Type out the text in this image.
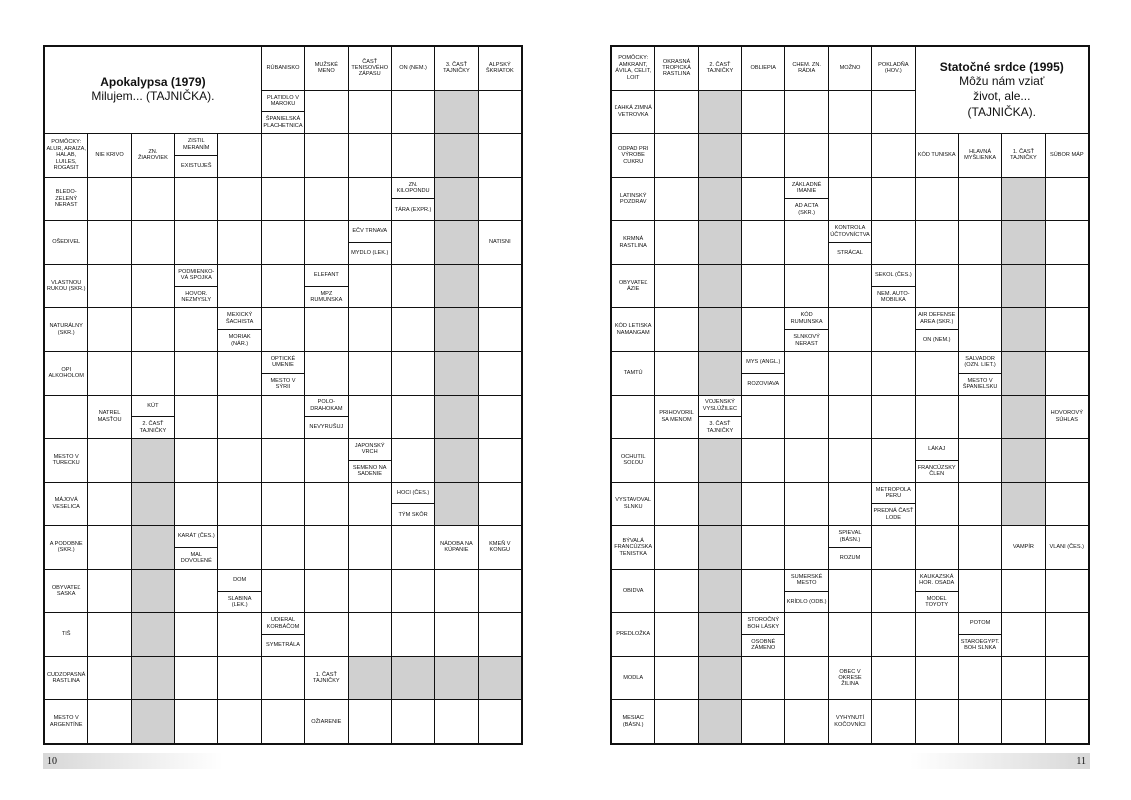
Apokalypsa (1979)
Milujem... (TAJNIČKA).
RÚBANISKO
MUŽSKÉ MENO
ČASŤ TENISOVÉHO ZÁPASU
ON (NEM.)
3. ČASŤ TAJNIČKY
ALPSKÝ ŠKRIATOK
PLATIDLO V MAROKU
ŠPANIELSKÁ PLACHETNICA
POMÔCKY: ALUR, ARAIZA, HALAB, LUILES, ROGASIT
NIE KRIVO
ZN. ŽIAROVIEK
ZISTIL MERANÍM
EXISTUJEŠ
BLEDO-ZELENÝ NERAST
ZN. KILOPONDU
TÁRA (EXPR.)
OŠEDIVEL
EČV TRNAVA
MYDLO (LEK.)
NATISNI
VLASTNOU RUKOU (SKR.)
PODMIENKO-VÁ SPOJKA
HOVOR. NEZMYSLY
ELEFANT
MPZ RUMUNSKA
NATURÁLNY (SKR.)
MEXICKÝ ŠACHISTA
MORIAK (NÁR.)
OPI ALKOHOLOM
OPTICKÉ UMENIE
MESTO V SÝRII
NATREL MASŤOU
KÚT
2. ČASŤ TAJNIČKY
POLO-DRAHOKAM
NEVYRUŠUJ
MESTO V TURECKU
JAPONSKÝ VRCH
SEMENO NA SADENIE
MÁJOVÁ VESELICA
HOCI (ČES.)
TÝM SKÔR
A PODOBNE (SKR.)
KARÁT (ČES.)
MAL DOVOLENÉ
NÁDOBA NA KÚPANIE
KMEŇ V KONGU
OBYVATEĽ SASKA
DOM
SLABINA (LEK.)
TIŠ
UDIERAL KORBÁČOM
SYMETRÁLA
CUDZOPASNÁ RASTLINA
1. ČASŤ TAJNIČKY
MESTO V ARGENTÍNE
OŽIARENIE
10
Statočné srdce (1995)
Môžu nám vziať život, ale... (TAJNIČKA).
POMÔCKY: AMKRANT, ÁVILA, CELIT, LOIT
OKRASNÁ TROPICKÁ RASTLINA
2. ČASŤ TAJNIČKY
OBLIEPIA
CHEM. ZN. RÁDIA
MOŽNO
POKLADŇA (HOV.)
ĽAHKÁ ZIMNÁ VETROVKA
ODPAD PRI VÝROBE CUKRU
KÓD TUNISKA
HLAVNÁ MYŠLIENKA
1. ČASŤ TAJNIČKY
SÚBOR MÁP
LATINSKÝ POZDRAV
ZÁKLADNÉ IMANIE
AD ACTA (SKR.)
KRMNÁ RASTLINA
KONTROLA ÚČTOVNÍCTVA
STRÁCAL
OBYVATEĽ ÁZIE
SEKOL (ČES.)
NEM. AUTO-MOBILKA
KÓD LETISKA NAMANGAM
KÓD RUMUNSKA
SLNKOVÝ NERAST
AIR DEFENSE AREA (SKR.)
ON (NEM.)
TAMTÚ
MYS (ANGL.)
ROZOVIAVA
SALVADOR (OZN. LIET.)
MESTO V ŠPANIELSKU
PRIHOVORIL SA MENOM
VOJENSKÝ VYSLÚŽILEC
3. ČASŤ TAJNIČKY
HOVOROVÝ SÚHLAS
OCHUTIL SOĽOU
LÁKAJ
FRANCÚZSKY ČLEN
VYSTAVOVAL SLNKU
METROPOLA PERU
PREDNÁ ČASŤ LODE
BÝVALÁ FRANCÚZSKA TENISTKA
SPIEVAL (BÁSN.)
ROZUM
VAMPÍR	VLANI (ČES.)
OBIDVA
SUMERSKÉ MESTO
KRÍDLO (ODB.)
KAUKAZSKÁ HOR. OSADA
MODEL TOYOTY
PREDLOŽKA
STOROČNÝ BOH LÁSKY
OSOBNÉ ZÁMENO
POTOM
STAROEGYPT. BOH SLNKA
MODLA
OBEC V OKRESE ŽILINA
MESIAC (BÁSN.)
VYHYNUTÍ KOČOVNÍCI
11
